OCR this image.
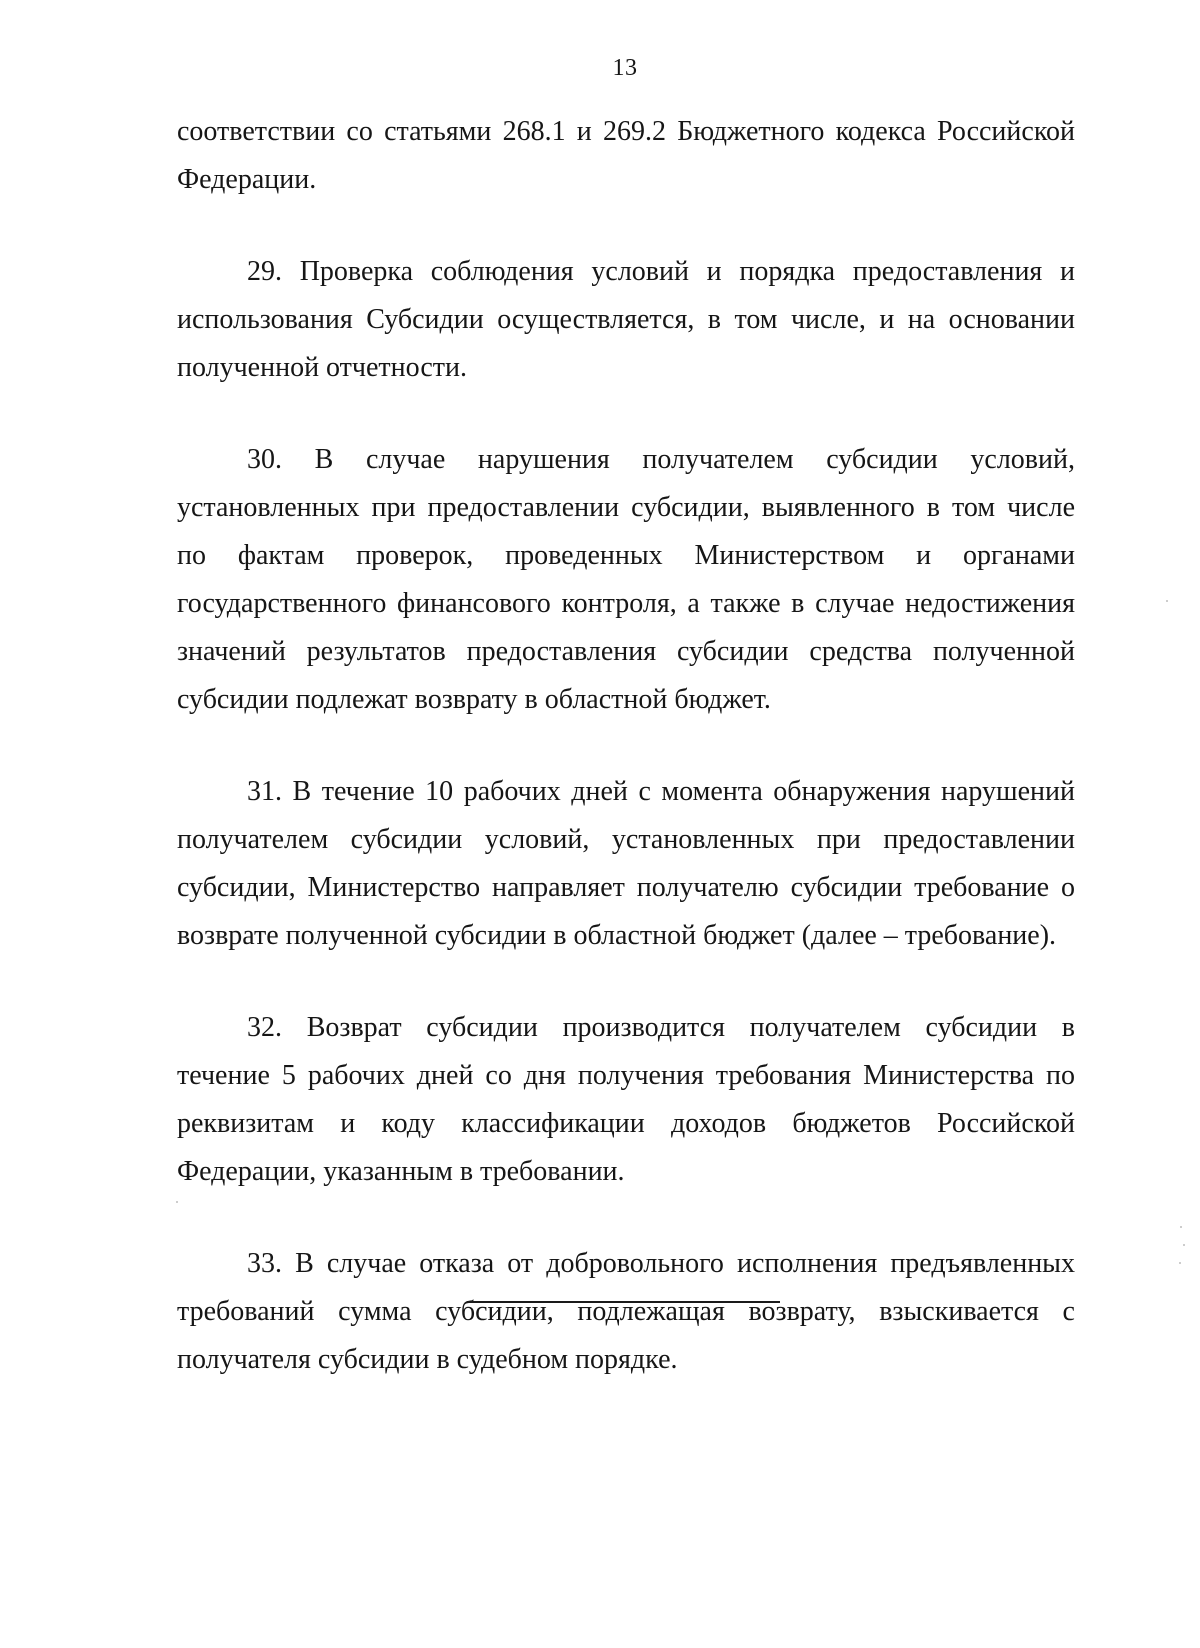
13
соответствии со статьями 268.1 и 269.2 Бюджетного кодекса Российской
Федерации.
29. Проверка соблюдения условий и порядка предоставления и
использования Субсидии осуществляется, в том числе, и на основании
полученной отчетности.
30. В случае нарушения получателем субсидии условий,
установленных при предоставлении субсидии, выявленного в том числе
по фактам проверок, проведенных Министерством и органами
государственного финансового контроля, а также в случае недостижения
значений результатов предоставления субсидии средства полученной
субсидии подлежат возврату в областной бюджет.
31. В течение 10 рабочих дней с момента обнаружения нарушений
получателем субсидии условий, установленных при предоставлении
субсидии, Министерство направляет получателю субсидии требование о
возврате полученной субсидии в областной бюджет (далее – требование).
32. Возврат субсидии производится получателем субсидии в
течение 5 рабочих дней со дня получения требования Министерства по
реквизитам и коду классификации доходов бюджетов Российской
Федерации, указанным в требовании.
33. В случае отказа от добровольного исполнения предъявленных
требований сумма субсидии, подлежащая возврату, взыскивается с
получателя субсидии в судебном порядке.
